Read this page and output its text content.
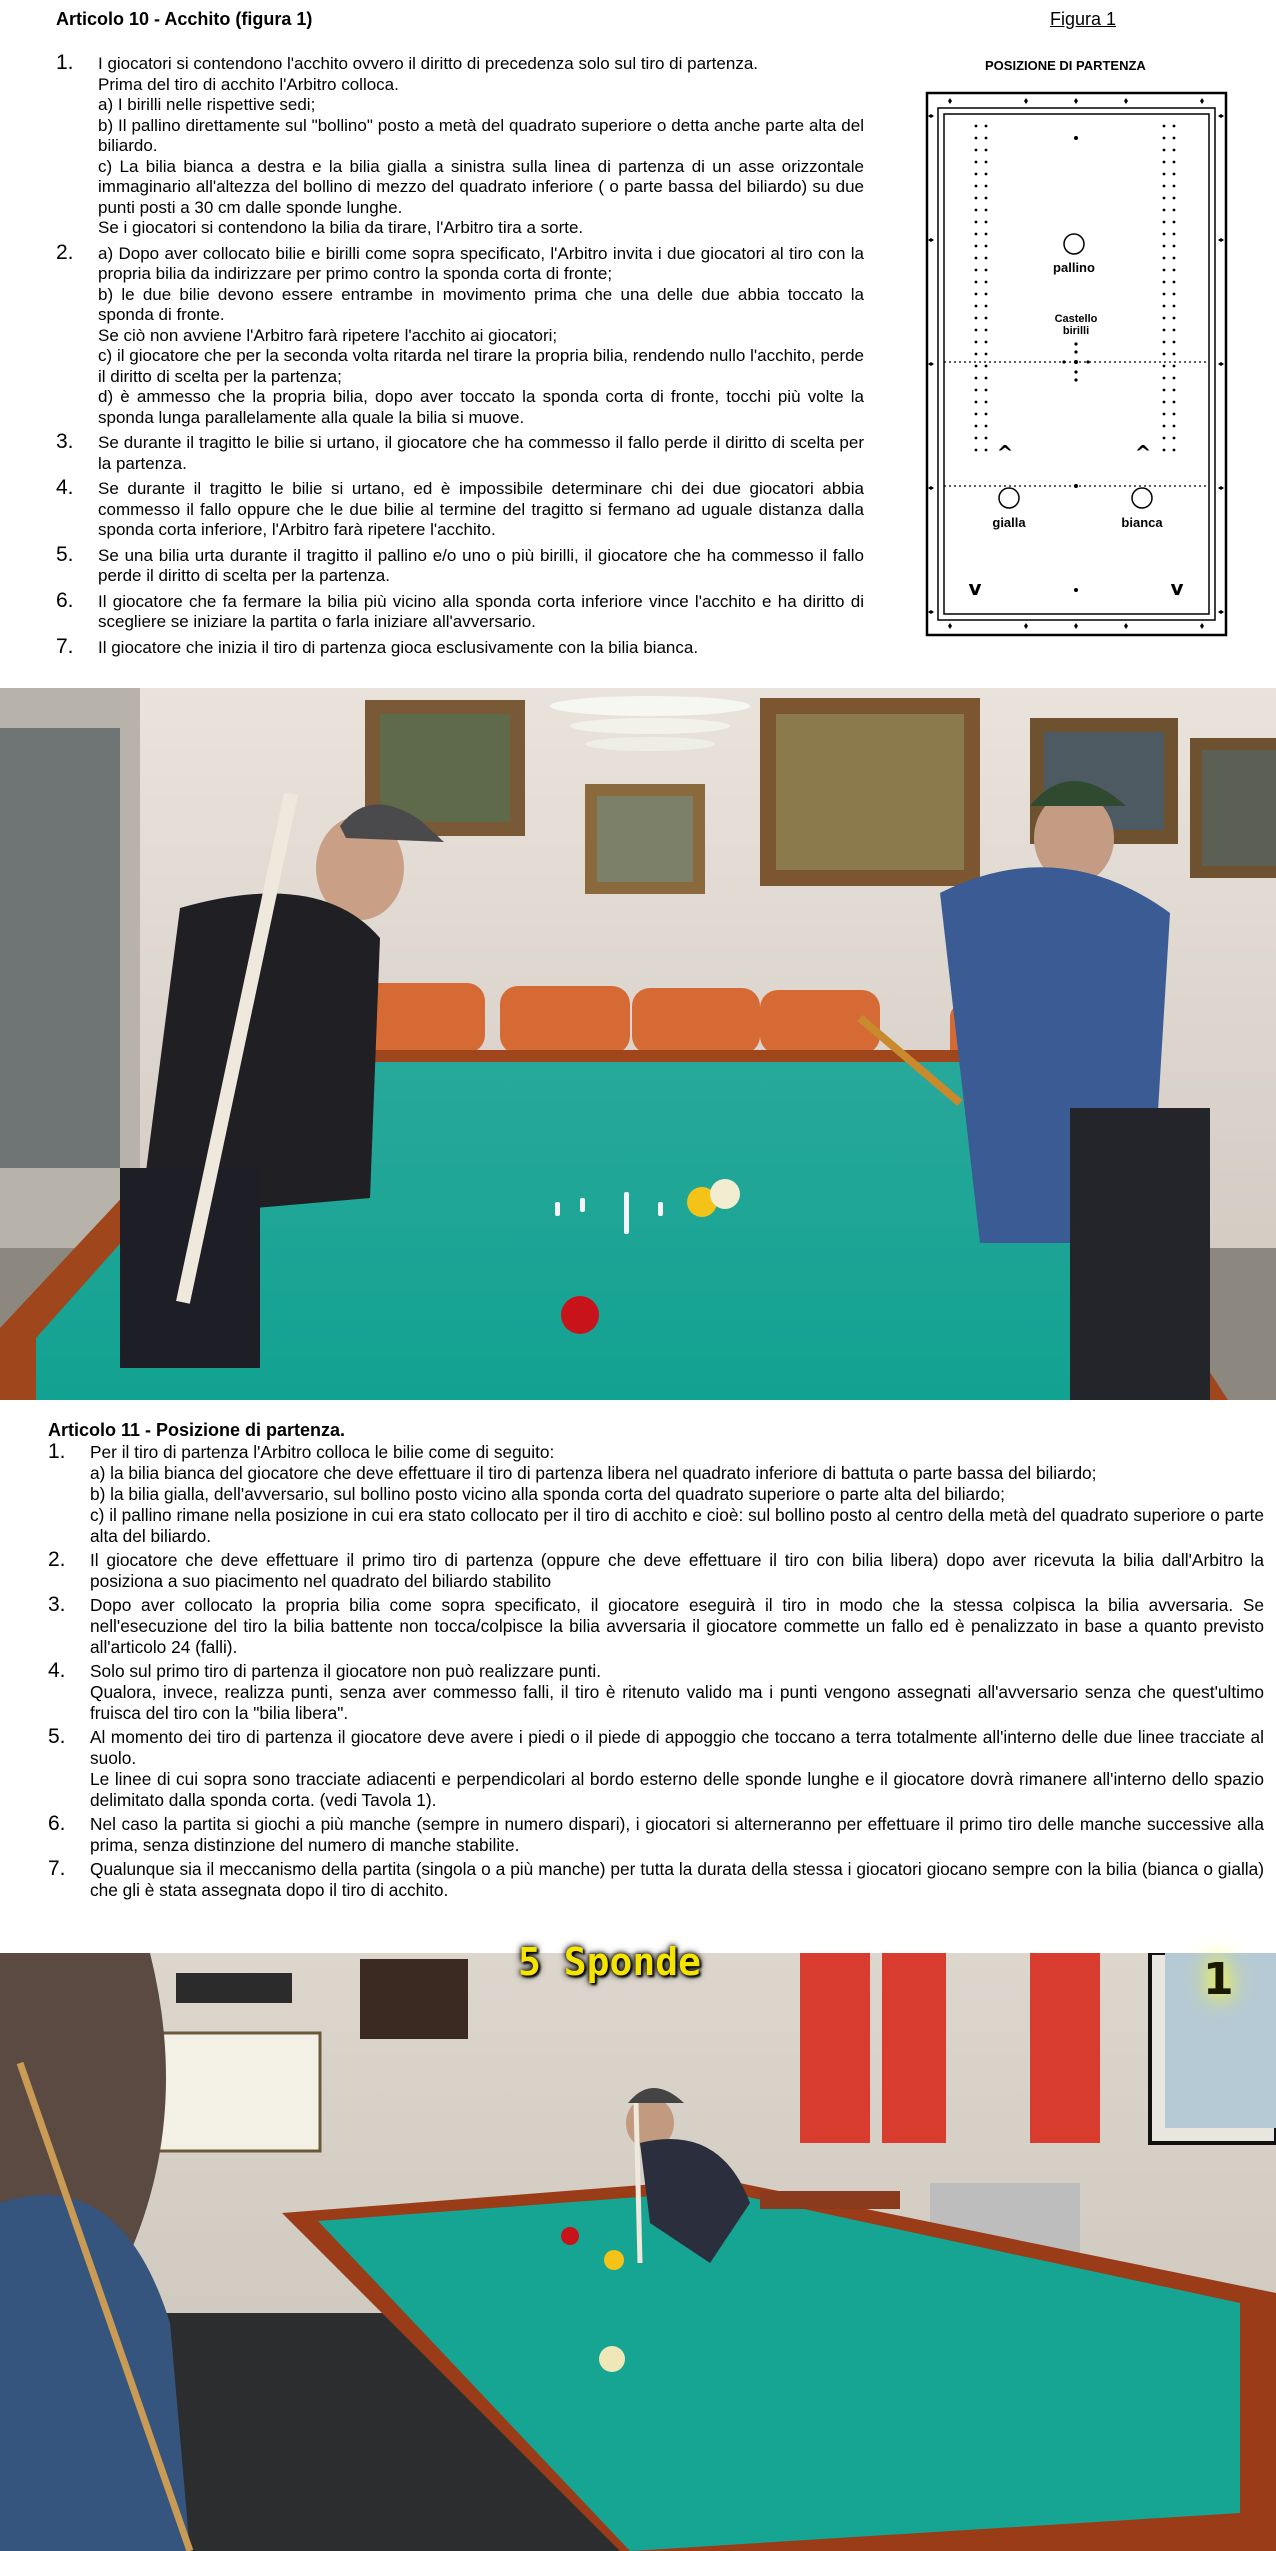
Articolo 10 - Acchito (figura 1)
1. I giocatori si contendono l'acchito ovvero il diritto di precedenza solo sul tiro di partenza.
Prima del tiro di acchito l'Arbitro colloca.
a) I birilli nelle rispettive sedi;
b) Il pallino direttamente sul "bollino" posto a metà del quadrato superiore o detta anche parte alta del biliardo.
c) La bilia bianca a destra e la bilia gialla a sinistra sulla linea di partenza di un asse orizzontale immaginario all'altezza del bollino di mezzo del quadrato inferiore ( o parte bassa del biliardo) su due punti posti a 30 cm dalle sponde lunghe.
Se i giocatori si contendono la bilia da tirare, l'Arbitro tira a sorte.
2. a) Dopo aver collocato bilie e birilli come sopra specificato, l'Arbitro invita i due giocatori al tiro con la propria bilia da indirizzare per primo contro la sponda corta di fronte;
b) le due bilie devono essere entrambe in movimento prima che una delle due abbia toccato la sponda di fronte.
Se ciò non avviene l'Arbitro farà ripetere l'acchito ai giocatori;
c) il giocatore che per la seconda volta ritarda nel tirare la propria bilia, rendendo nullo l'acchito, perde il diritto di scelta per la partenza;
d) è ammesso che la propria bilia, dopo aver toccato la sponda corta di fronte, tocchi più volte la sponda lunga parallelamente alla quale la bilia si muove.
3. Se durante il tragitto le bilie si urtano, il giocatore che ha commesso il fallo perde il diritto di scelta per la partenza.
4. Se durante il tragitto le bilie si urtano, ed è impossibile determinare chi dei due giocatori abbia commesso il fallo oppure che le due bilie al termine del tragitto si fermano ad uguale distanza dalla sponda corta inferiore, l'Arbitro farà ripetere l'acchito.
5. Se una bilia urta durante il tragitto il pallino e/o uno o più birilli, il giocatore che ha commesso il fallo perde il diritto di scelta per la partenza.
6. Il giocatore che fa fermare la bilia più vicino alla sponda corta inferiore vince l'acchito e ha diritto di scegliere se iniziare la partita o farla iniziare all'avversario.
7. Il giocatore che inizia il tiro di partenza gioca esclusivamente con la bilia bianca.
Figura 1
POSIZIONE DI PARTENZA
pallino
Castello
birilli
^	^
gialla	bianca
v	v
Articolo 11 - Posizione di partenza.
1. Per il tiro di partenza l'Arbitro colloca le bilie come di seguito:
a) la bilia bianca del giocatore che deve effettuare il tiro di partenza libera nel quadrato inferiore di battuta o parte bassa del biliardo;
b) la bilia gialla, dell'avversario, sul bollino posto vicino alla sponda corta del quadrato superiore o parte alta del biliardo;
c) il pallino rimane nella posizione in cui era stato collocato per il tiro di acchito e cioè: sul bollino posto al centro della metà del quadrato superiore o parte alta del biliardo.
2. Il giocatore che deve effettuare il primo tiro di partenza (oppure che deve effettuare il tiro con bilia libera) dopo aver ricevuta la bilia dall'Arbitro la posiziona a suo piacimento nel quadrato del biliardo stabilito
3. Dopo aver collocato la propria bilia come sopra specificato, il giocatore eseguirà il tiro in modo che la stessa colpisca la bilia avversaria. Se nell'esecuzione del tiro la bilia battente non tocca/colpisce la bilia avversaria il giocatore commette un fallo ed è penalizzato in base a quanto previsto all'articolo 24 (falli).
4. Solo sul primo tiro di partenza il giocatore non può realizzare punti.
Qualora, invece, realizza punti, senza aver commesso falli, il tiro è ritenuto valido ma i punti vengono assegnati all'avversario senza che quest'ultimo fruisca del tiro con la "bilia libera".
5. Al momento dei tiro di partenza il giocatore deve avere i piedi o il piede di appoggio che toccano a terra totalmente all'interno delle due linee tracciate al suolo.
Le linee di cui sopra sono tracciate adiacenti e perpendicolari al bordo esterno delle sponde lunghe e il giocatore dovrà rimanere all'interno dello spazio delimitato dalla sponda corta. (vedi Tavola 1).
6. Nel caso la partita si giochi a più manche (sempre in numero dispari), i giocatori si alterneranno per effettuare il primo tiro delle manche successive alla prima, senza distinzione del numero di manche stabilite.
7. Qualunque sia il meccanismo della partita (singola o a più manche) per tutta la durata della stessa i giocatori giocano sempre con la bilia (bianca o gialla) che gli è stata assegnata dopo il tiro di acchito.
5 Sponde	1
